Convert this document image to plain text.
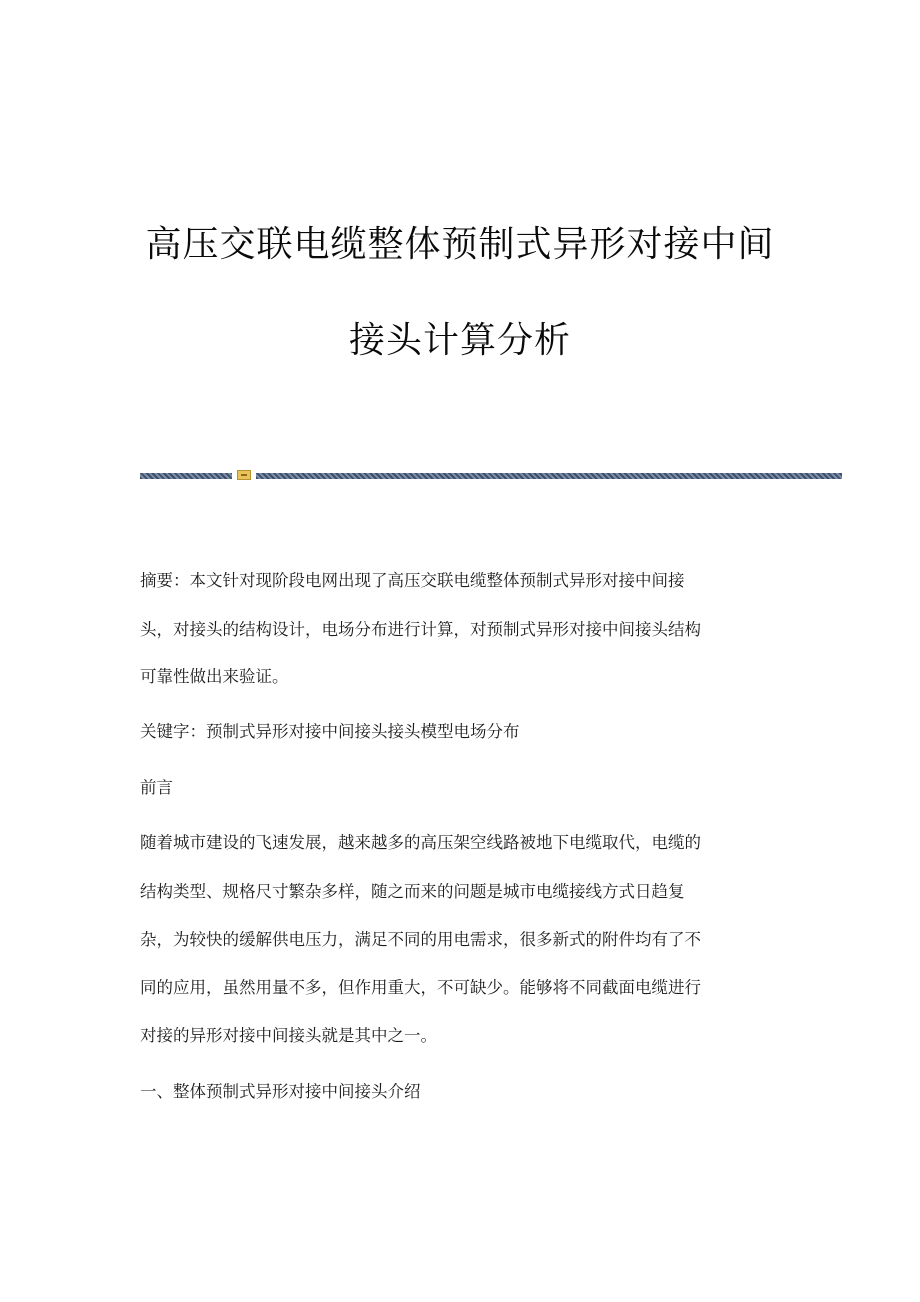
高压交联电缆整体预制式异形对接中间
接头计算分析
摘要：本文针对现阶段电网出现了高压交联电缆整体预制式异形对接中间接
头，对接头的结构设计，电场分布进行计算，对预制式异形对接中间接头结构
可靠性做出来验证。
关键字：预制式异形对接中间接头接头模型电场分布
前言
随着城市建设的飞速发展，越来越多的高压架空线路被地下电缆取代，电缆的
结构类型、规格尺寸繁杂多样，随之而来的问题是城市电缆接线方式日趋复
杂，为较快的缓解供电压力，满足不同的用电需求，很多新式的附件均有了不
同的应用，虽然用量不多，但作用重大，不可缺少。能够将不同截面电缆进行
对接的异形对接中间接头就是其中之一。
一、整体预制式异形对接中间接头介绍
